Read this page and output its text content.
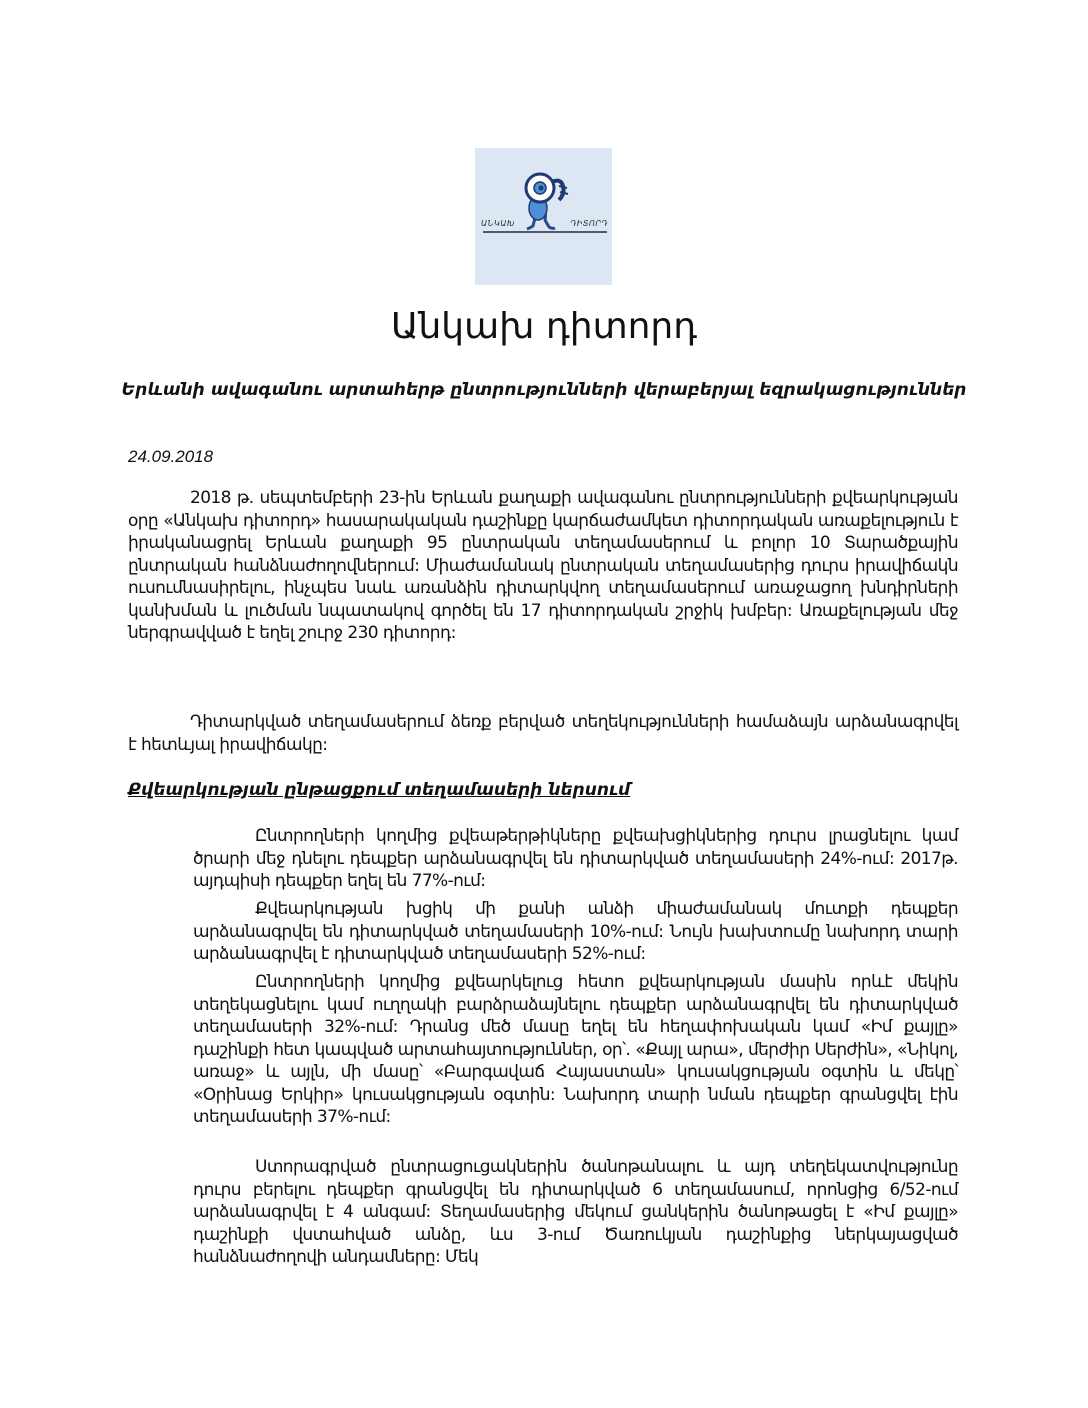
ԱՆԿԱԽ	ԴԻՏՈՐԴ
Անկախ դիտորդ
Երևանի ավագանու արտահերթ ընտրությունների վերաբերյալ եզրակացություններ
24.09.2018

2018 թ. սեպտեմբերի 23-ին Երևան քաղաքի ավագանու ընտրությունների քվեարկության օրը «Անկախ դիտորդ» հասարակական դաշինքը կարճաժամկետ դիտորդական առաքելություն է իրականացրել Երևան քաղաքի 95 ընտրական տեղամասերում և բոլոր 10 Տարածքային ընտրական հանձնաժողովներում: Միաժամանակ ընտրական տեղամասերից դուրս իրավիճակն ուսումնասիրելու, ինչպես նաև առանձին դիտարկվող տեղամասերում առաջացող խնդիրների կանխման և լուծման նպատակով գործել են 17 դիտորդական շրջիկ խմբեր: Առաքելության մեջ ներգրավված է եղել շուրջ 230 դիտորդ:

Դիտարկված տեղամասերում ձեռք բերված տեղեկությունների համաձայն արձանագրվել է հետևյալ իրավիճակը:

Քվեարկության ընթացքում տեղամասերի ներսում

Ընտրողների կողմից քվեաթերթիկները քվեախցիկներից դուրս լրացնելու կամ ծրարի մեջ դնելու դեպքեր արձանագրվել են դիտարկված տեղամասերի 24%-ում: 2017թ. այդպիսի դեպքեր եղել են 77%-ում:

Քվեարկության խցիկ մի քանի անձի միաժամանակ մուտքի դեպքեր արձանագրվել են դիտարկված տեղամասերի 10%-ում: Նույն խախտումը նախորդ տարի արձանագրվել է դիտարկված տեղամասերի 52%-ում:

Ընտրողների կողմից քվեարկելուց հետո քվեարկության մասին որևէ մեկին տեղեկացնելու կամ ուղղակի բարձրաձայնելու դեպքեր արձանագրվել են դիտարկված տեղամասերի 32%-ում: Դրանց մեծ մասը եղել են հեղափոխական կամ «Իմ քայլը» դաշինքի հետ կապված արտահայտություններ, օր՝. «Քայլ արա», մերժիր Սերժին», «Նիկոլ, առաջ» և այլն, մի մասը՝ «Բարգավաճ Հայաստան» կուսակցության օգտին և մեկը՝ «Օրինաց Երկիր» կուսակցության օգտին: Նախորդ տարի նման դեպքեր գրանցվել էին տեղամասերի 37%-ում:

Ստորագրված ընտրացուցակներին ծանոթանալու և այդ տեղեկատվությունը դուրս բերելու դեպքեր գրանցվել են դիտարկված 6 տեղամասում, որոնցից 6/52-ում արձանագրվել է 4 անգամ: Տեղամասերից մեկում ցանկերին ծանոթացել է «Իմ քայլը» դաշինքի վստահված անձը, ևս 3-ում Ծառուկյան դաշինքից ներկայացված հանձնաժողովի անդամները: Մեկ
